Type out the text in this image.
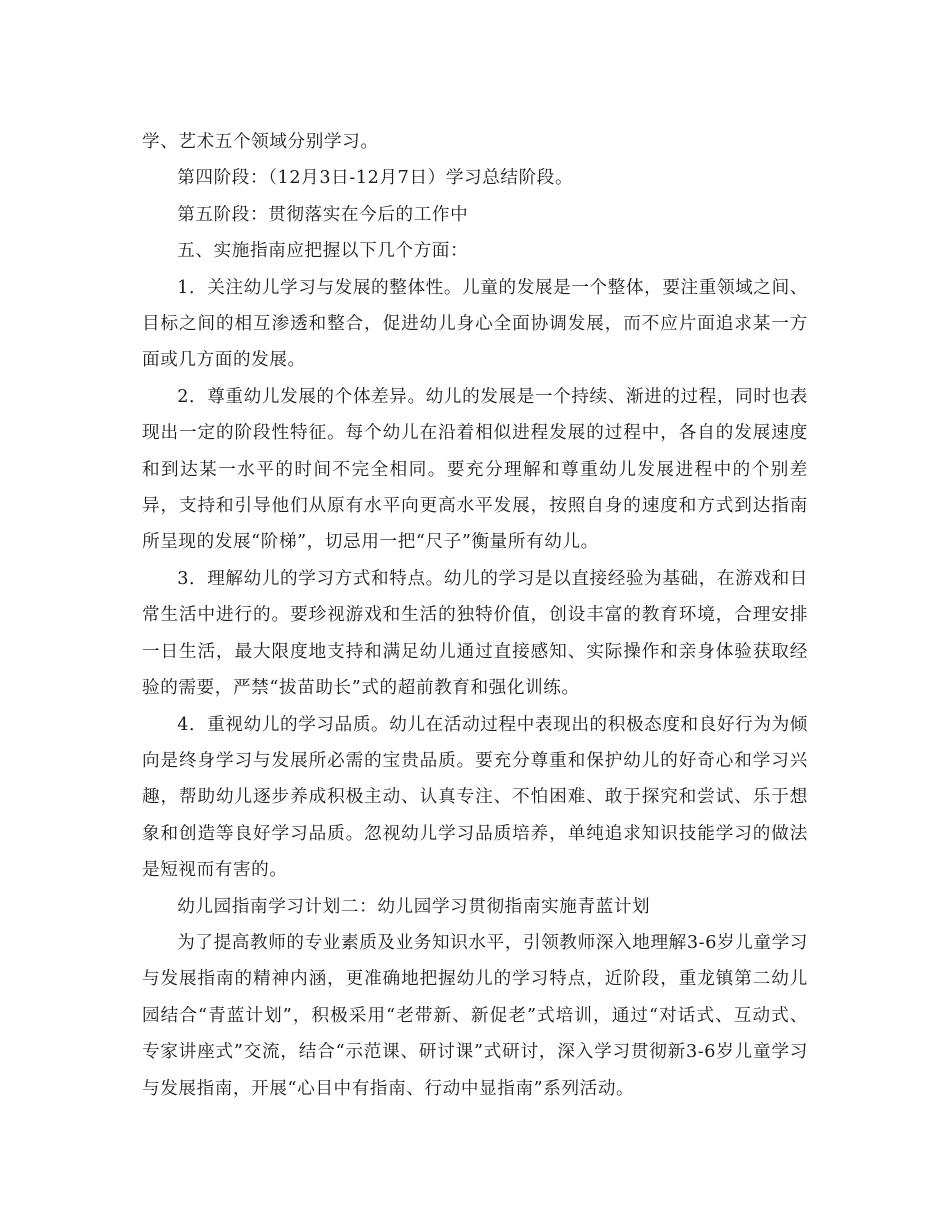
学、艺术五个领域分别学习。

第四阶段：（12月3日-12月7日）学习总结阶段。

第五阶段：贯彻落实在今后的工作中

五、实施指南应把握以下几个方面：

1．关注幼儿学习与发展的整体性。儿童的发展是一个整体，要注重领域之间、目标之间的相互渗透和整合，促进幼儿身心全面协调发展，而不应片面追求某一方面或几方面的发展。

2．尊重幼儿发展的个体差异。幼儿的发展是一个持续、渐进的过程，同时也表现出一定的阶段性特征。每个幼儿在沿着相似进程发展的过程中，各自的发展速度和到达某一水平的时间不完全相同。要充分理解和尊重幼儿发展进程中的个别差异，支持和引导他们从原有水平向更高水平发展，按照自身的速度和方式到达指南所呈现的发展“阶梯”，切忌用一把“尺子”衡量所有幼儿。

3．理解幼儿的学习方式和特点。幼儿的学习是以直接经验为基础，在游戏和日常生活中进行的。要珍视游戏和生活的独特价值，创设丰富的教育环境，合理安排一日生活，最大限度地支持和满足幼儿通过直接感知、实际操作和亲身体验获取经验的需要，严禁“拔苗助长”式的超前教育和强化训练。

4．重视幼儿的学习品质。幼儿在活动过程中表现出的积极态度和良好行为为倾向是终身学习与发展所必需的宝贵品质。要充分尊重和保护幼儿的好奇心和学习兴趣，帮助幼儿逐步养成积极主动、认真专注、不怕困难、敢于探究和尝试、乐于想象和创造等良好学习品质。忽视幼儿学习品质培养，单纯追求知识技能学习的做法是短视而有害的。

幼儿园指南学习计划二：幼儿园学习贯彻指南实施青蓝计划

为了提高教师的专业素质及业务知识水平，引领教师深入地理解3-6岁儿童学习与发展指南的精神内涵，更准确地把握幼儿的学习特点，近阶段，重龙镇第二幼儿园结合“青蓝计划”，积极采用“老带新、新促老”式培训，通过“对话式、互动式、专家讲座式”交流，结合“示范课、研讨课”式研讨，深入学习贯彻新3-6岁儿童学习与发展指南，开展“心目中有指南、行动中显指南”系列活动。
